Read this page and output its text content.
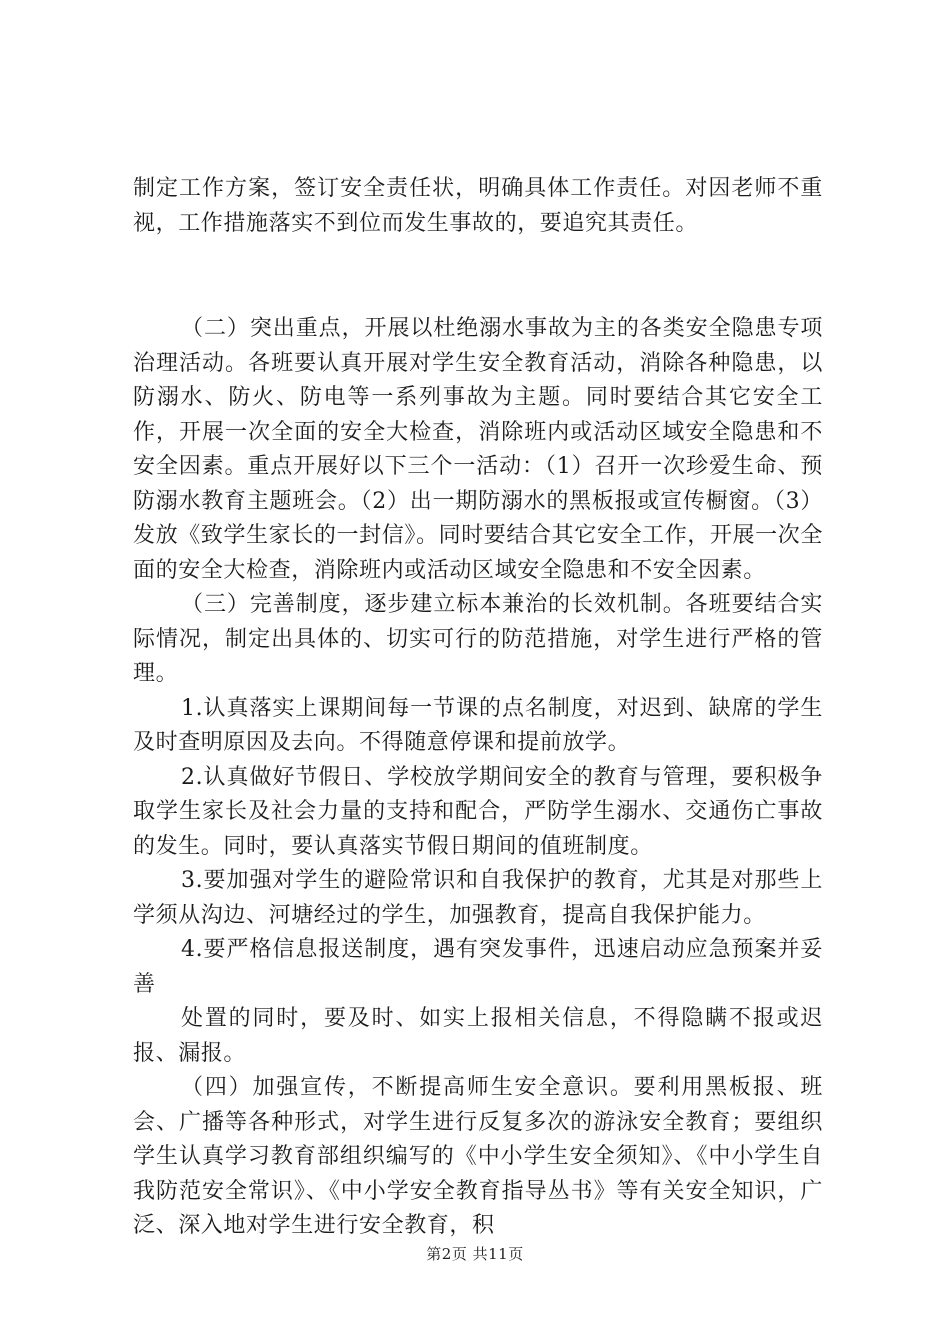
制定工作方案，签订安全责任状，明确具体工作责任。对因老师不重视，工作措施落实不到位而发生事故的，要追究其责任。

（二）突出重点，开展以杜绝溺水事故为主的各类安全隐患专项治理活动。各班要认真开展对学生安全教育活动，消除各种隐患，以防溺水、防火、防电等一系列事故为主题。同时要结合其它安全工作，开展一次全面的安全大检查，消除班内或活动区域安全隐患和不安全因素。重点开展好以下三个一活动：（1）召开一次珍爱生命、预防溺水教育主题班会。（2）出一期防溺水的黑板报或宣传橱窗。（3）发放《致学生家长的一封信》。同时要结合其它安全工作，开展一次全面的安全大检查，消除班内或活动区域安全隐患和不安全因素。

（三）完善制度，逐步建立标本兼治的长效机制。各班要结合实际情况，制定出具体的、切实可行的防范措施，对学生进行严格的管理。

1.认真落实上课期间每一节课的点名制度，对迟到、缺席的学生及时查明原因及去向。不得随意停课和提前放学。

2.认真做好节假日、学校放学期间安全的教育与管理，要积极争取学生家长及社会力量的支持和配合，严防学生溺水、交通伤亡事故的发生。同时，要认真落实节假日期间的值班制度。

3.要加强对学生的避险常识和自我保护的教育，尤其是对那些上学须从沟边、河塘经过的学生，加强教育，提高自我保护能力。

4.要严格信息报送制度，遇有突发事件，迅速启动应急预案并妥善

处置的同时，要及时、如实上报相关信息，不得隐瞒不报或迟报、漏报。

（四）加强宣传，不断提高师生安全意识。要利用黑板报、班会、广播等各种形式，对学生进行反复多次的游泳安全教育；要组织学生认真学习教育部组织编写的《中小学生安全须知》、《中小学生自我防范安全常识》、《中小学安全教育指导丛书》等有关安全知识，广泛、深入地对学生进行安全教育，积

第2页 共11页
